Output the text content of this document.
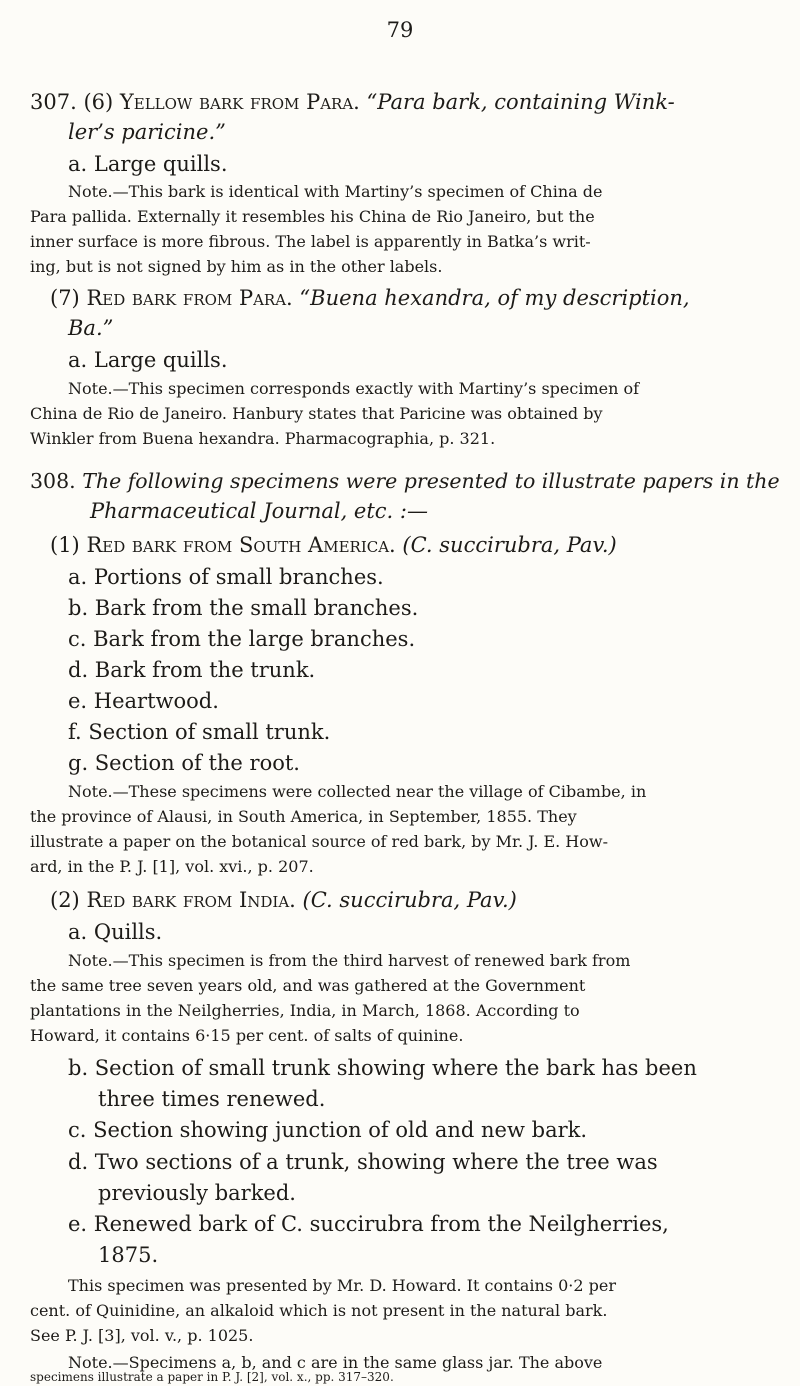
79
307. (6) Yellow bark from Para. “Para bark, containing Wink-
ler’s paricine.”
a. Large quills.
Note.—This bark is identical with Martiny’s specimen of China de
Para pallida. Externally it resembles his China de Rio Janeiro, but the
inner surface is more fibrous. The label is apparently in Batka’s writ-
ing, but is not signed by him as in the other labels.
(7) Red bark from Para. “Buena hexandra, of my description,
Ba.”
a. Large quills.
Note.—This specimen corresponds exactly with Martiny’s specimen of
China de Rio de Janeiro. Hanbury states that Paricine was obtained by
Winkler from Buena hexandra. Pharmacographia, p. 321.
308. The following specimens were presented to illustrate papers in the
Pharmaceutical Journal, etc. :—
(1) Red bark from South America. (C. succirubra, Pav.)
a. Portions of small branches.
b. Bark from the small branches.
c. Bark from the large branches.
d. Bark from the trunk.
e. Heartwood.
f. Section of small trunk.
g. Section of the root.
Note.—These specimens were collected near the village of Cibambe, in
the province of Alausi, in South America, in September, 1855. They
illustrate a paper on the botanical source of red bark, by Mr. J. E. How-
ard, in the P. J. [1], vol. xvi., p. 207.
(2) Red bark from India. (C. succirubra, Pav.)
a. Quills.
Note.—This specimen is from the third harvest of renewed bark from
the same tree seven years old, and was gathered at the Government
plantations in the Neilgherries, India, in March, 1868. According to
Howard, it contains 6·15 per cent. of salts of quinine.
b. Section of small trunk showing where the bark has been
three times renewed.
c. Section showing junction of old and new bark.
d. Two sections of a trunk, showing where the tree was
previously barked.
e. Renewed bark of C. succirubra from the Neilgherries,
1875.
This specimen was presented by Mr. D. Howard. It contains 0·2 per
cent. of Quinidine, an alkaloid which is not present in the natural bark.
See P. J. [3], vol. v., p. 1025.
Note.—Specimens a, b, and c are in the same glass jar. The above
specimens illustrate a paper in P. J. [2], vol. x., pp. 317–320.
